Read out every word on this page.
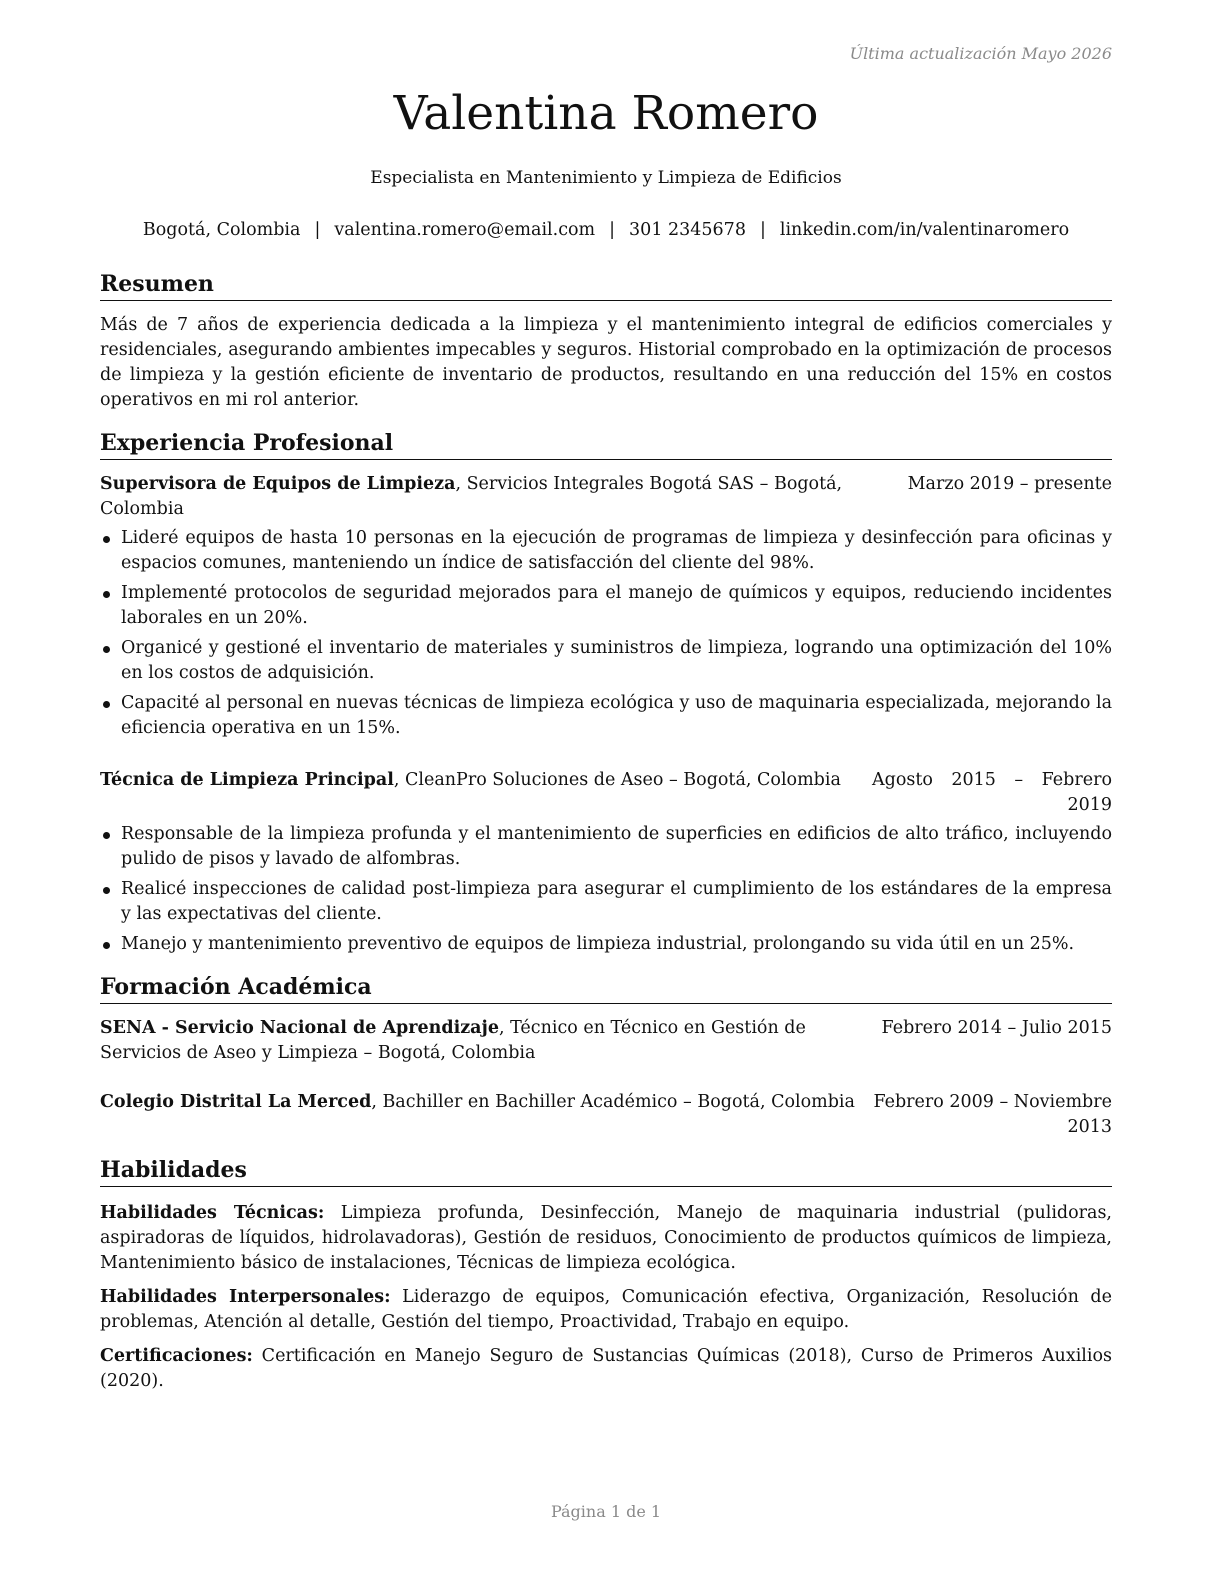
Última actualización Mayo 2026
Valentina Romero
Especialista en Mantenimiento y Limpieza de Edificios
Bogotá, Colombia | valentina.romero@email.com | 301 2345678 | linkedin.com/in/valentinaromero
Resumen

Más de 7 años de experiencia dedicada a la limpieza y el mantenimiento integral de edificios comerciales y residenciales, asegurando ambientes impecables y seguros. Historial comprobado en la optimización de procesos de limpieza y la gestión eficiente de inventario de productos, resultando en una reducción del 15% en costos operativos en mi rol anterior.

Experiencia Profesional
Supervisora de Equipos de Limpieza, Servicios Integrales Bogotá SAS – Bogotá, Colombia
Marzo 2019 – presente
Lideré equipos de hasta 10 personas en la ejecución de programas de limpieza y desinfección para oficinas y espacios comunes, manteniendo un índice de satisfacción del cliente del 98%.
Implementé protocolos de seguridad mejorados para el manejo de químicos y equipos, reduciendo incidentes laborales en un 20%.
Organicé y gestioné el inventario de materiales y suministros de limpieza, logrando una optimización del 10% en los costos de adquisición.
Capacité al personal en nuevas técnicas de limpieza ecológica y uso de maquinaria especializada, mejorando la eficiencia operativa en un 15%.
Técnica de Limpieza Principal, CleanPro Soluciones de Aseo – Bogotá, Colombia	Agosto 2015 – Febrero 2019
Responsable de la limpieza profunda y el mantenimiento de superficies en edificios de alto tráfico, incluyendo pulido de pisos y lavado de alfombras.
Realicé inspecciones de calidad post-limpieza para asegurar el cumplimiento de los estándares de la empresa y las expectativas del cliente.
Manejo y mantenimiento preventivo de equipos de limpieza industrial, prolongando su vida útil en un 25%.
Formación Académica
SENA - Servicio Nacional de Aprendizaje, Técnico en Técnico en Gestión de Servicios de Aseo y Limpieza – Bogotá, Colombia
Febrero 2014 – Julio 2015
Colegio Distrital La Merced, Bachiller en Bachiller Académico – Bogotá, Colombia	Febrero 2009 – Noviembre 2013
Habilidades

Habilidades Técnicas: Limpieza profunda, Desinfección, Manejo de maquinaria industrial (pulidoras, aspiradoras de líquidos, hidrolavadoras), Gestión de residuos, Conocimiento de productos químicos de limpieza, Mantenimiento básico de instalaciones, Técnicas de limpieza ecológica.

Habilidades Interpersonales: Liderazgo de equipos, Comunicación efectiva, Organización, Resolución de problemas, Atención al detalle, Gestión del tiempo, Proactividad, Trabajo en equipo.

Certificaciones: Certificación en Manejo Seguro de Sustancias Químicas (2018), Curso de Primeros Auxilios (2020).

Página 1 de 1
